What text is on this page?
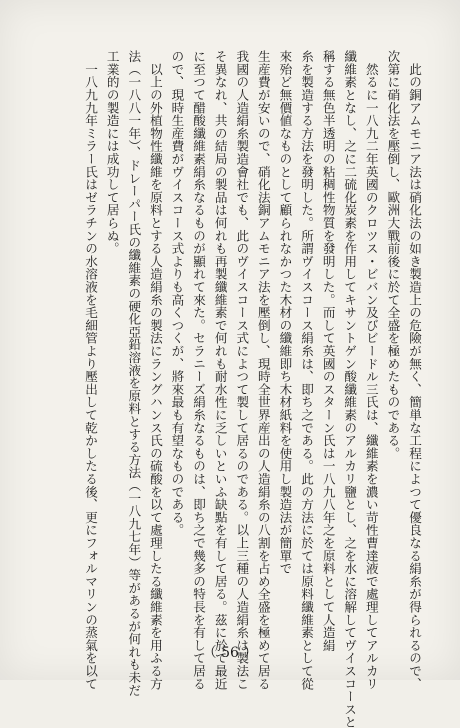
　此の銅アムモニア法は硝化法の如き製造上の危險が無く、簡単な工程によつて優良なる絹糸が得られるので、
次第に硝化法を壓倒し、歐洲大戰前後に於て全盛を極めたものである。
　然るに一八九二年英國のクロツス・ビバン及びビードル三氏は、纖維素を濃い苛性曹達液で處理してアルカリ
纖維素となし、之に二硫化炭素を作用してキサントゲン酸纖維素のアルカリ鹽とし、之を水に溶解してヴイスコースと
稱する無色半透明の粘稠性物質を發明した。而して英國のスターン氏は一八九八年之を原料として人造絹
糸を製造する方法を發明した。所謂ヴイスコース絹糸は、即ち之である。此の方法に於ては原料纖維素として從
來殆ど無價値なものとして顧られなかつた木材の纖維即ち木材紙料を使用し製造法が簡單で
生産費が安いので、硝化法銅アムモニア法を壓倒し、現時全世界産出の人造絹糸の八割を占め全盛を極めて居る
我國の人造絹糸製造會社でも、此のヴイスコース式によつて製して居るのである。以上三種の人造絹糸は製法こ
そ異なれ、共の結局の製品は何れも再製纖維素で何れも耐水性に乏しいといふ缺點を有して居る。茲に於て最近
に至つて醋酸纖維素絹糸なるものが顯れて來た。セラニーズ絹糸なるものは、即ち之で幾多の特長を有して居る
ので、現時生産費がヴイスコース式よりも高くつくが、將來最も有望なものである。
　以上の外植物性纖維を原料とする人造絹糸の製法にラングハンス氏の硫酸を以て處理したる纖維素を用ふる方
法（一八八一年）、ドレーパー氏の纖維素の硬化亞鉛溶液を原料とする方法（一八九七年）等があるが何れも未だ
工業的の製造には成功して居らぬ。
　一八九九年ミラー氏はゼラチンの水溶液を毛細管より壓出して乾かしたる後、更にフォルマリンの蒸氣を以て	（ 56 ）
